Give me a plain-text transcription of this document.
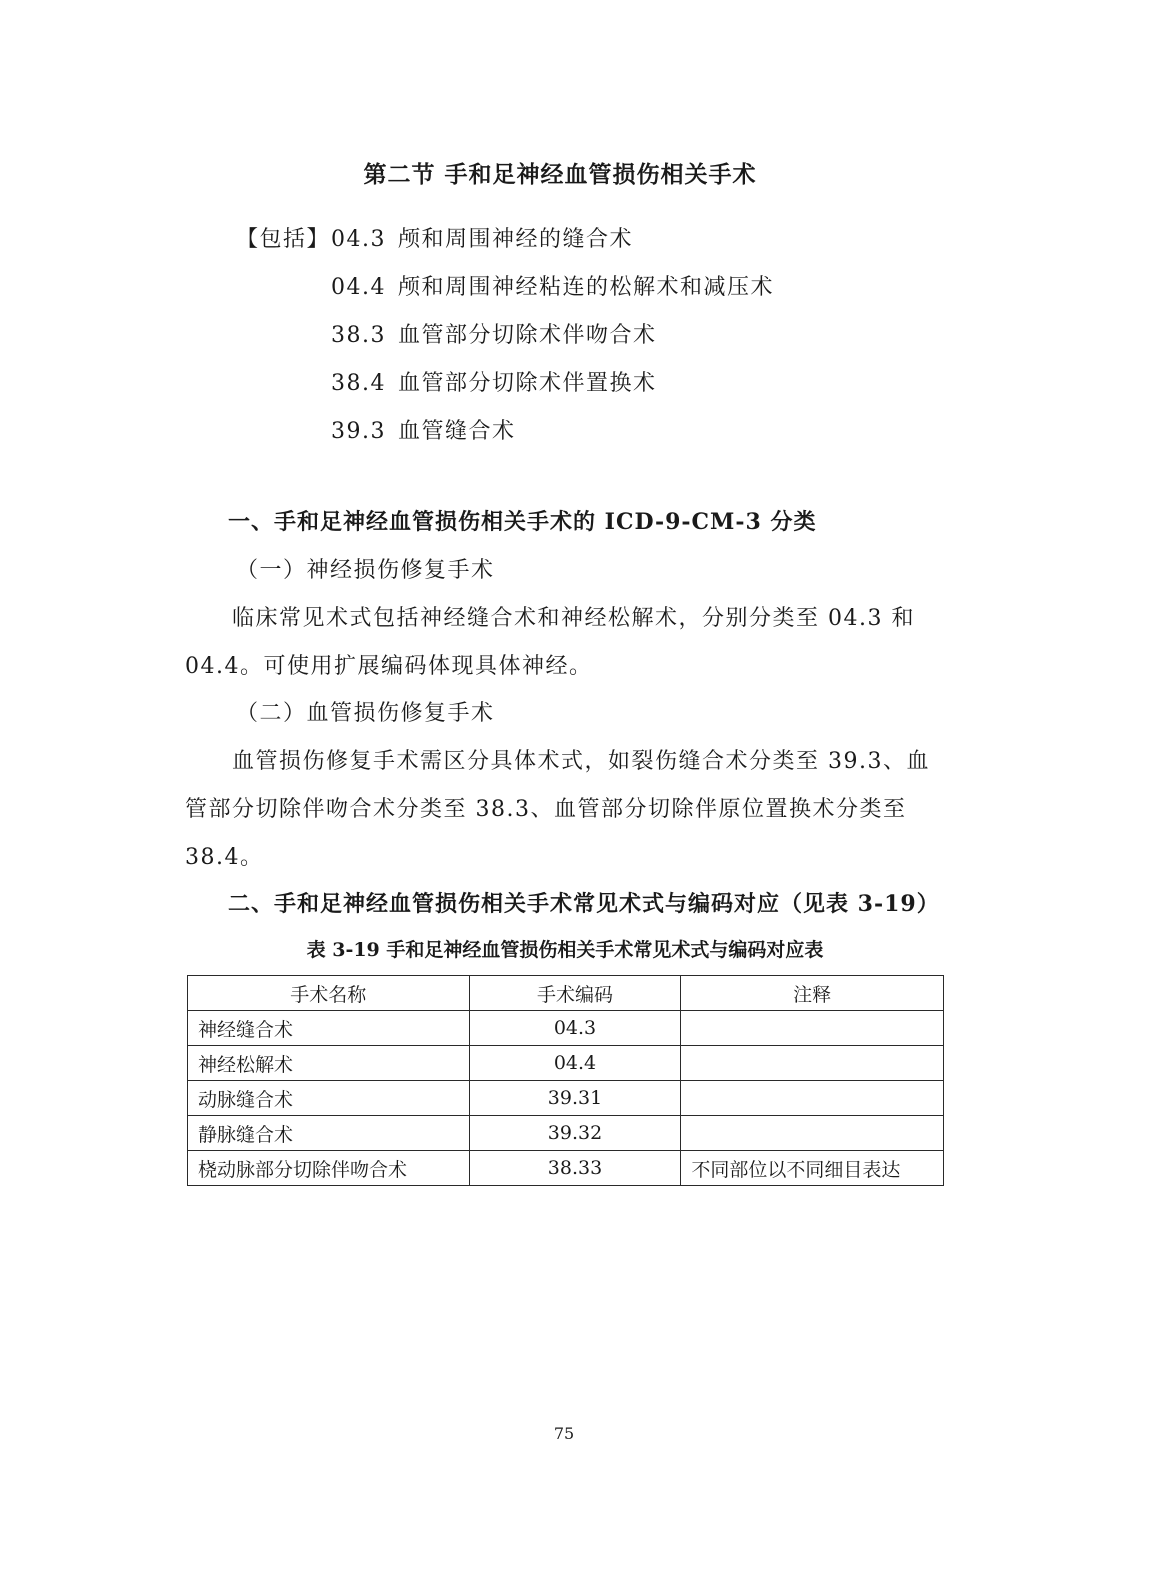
第二节 手和足神经血管损伤相关手术
【包括】 04.3 颅和周围神经的缝合术
04.4 颅和周围神经粘连的松解术和减压术
38.3 血管部分切除术伴吻合术
38.4 血管部分切除术伴置换术
39.3 血管缝合术
一、手和足神经血管损伤相关手术的 ICD-9-CM-3 分类
（一）神经损伤修复手术
临床常见术式包括神经缝合术和神经松解术，分别分类至 04.3 和
04.4。可使用扩展编码体现具体神经。
（二）血管损伤修复手术
血管损伤修复手术需区分具体术式，如裂伤缝合术分类至 39.3、血
管部分切除伴吻合术分类至 38.3、血管部分切除伴原位置换术分类至
38.4。
二、手和足神经血管损伤相关手术常见术式与编码对应（见表 3-19）
表 3-19 手和足神经血管损伤相关手术常见术式与编码对应表
手术名称	手术编码	注释
神经缝合术	04.3	
神经松解术	04.4	
动脉缝合术	39.31	
静脉缝合术	39.32	
桡动脉部分切除伴吻合术	38.33	不同部位以不同细目表达
75
